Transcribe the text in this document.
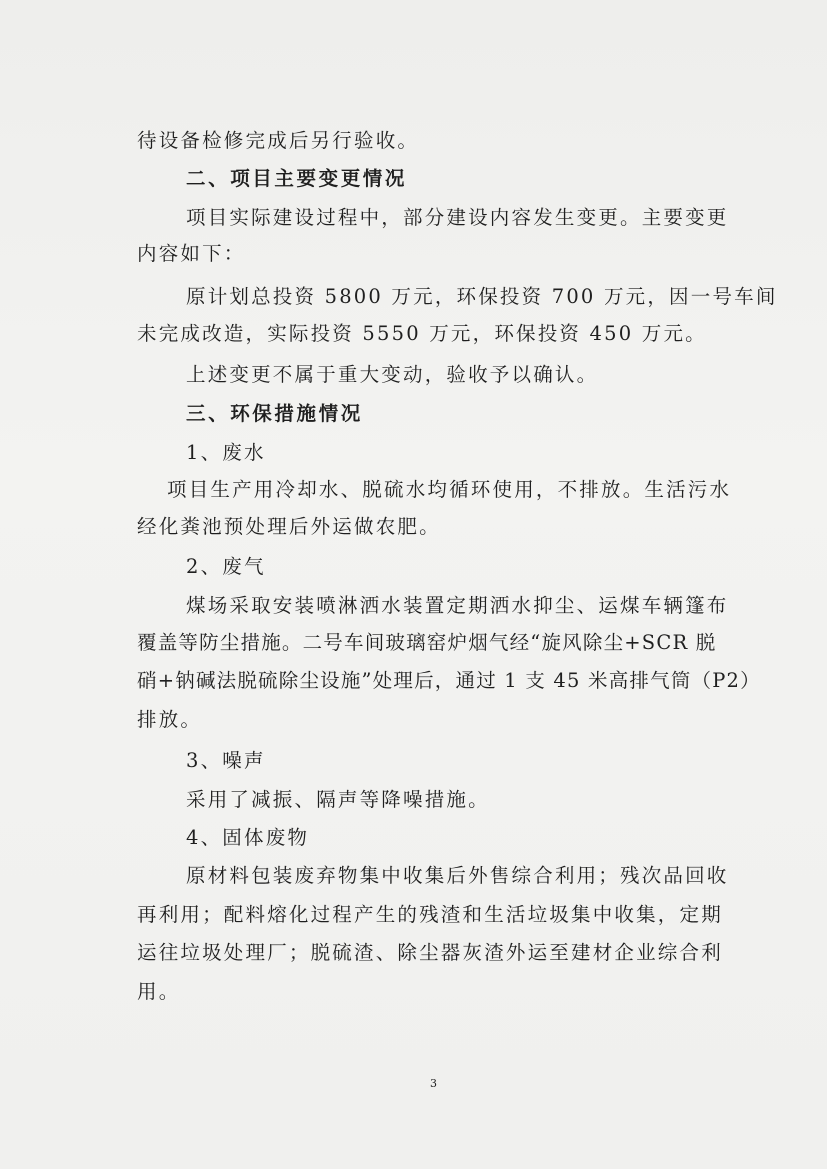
待设备检修完成后另行验收。

二、项目主要变更情况

项目实际建设过程中，部分建设内容发生变更。主要变更

内容如下：

原计划总投资 5800 万元，环保投资 700 万元，因一号车间

未完成改造，实际投资 5550 万元，环保投资 450 万元。

上述变更不属于重大变动，验收予以确认。

三、环保措施情况

1、废水

项目生产用冷却水、脱硫水均循环使用，不排放。生活污水

经化粪池预处理后外运做农肥。

2、废气

煤场采取安装喷淋洒水装置定期洒水抑尘、运煤车辆篷布

覆盖等防尘措施。二号车间玻璃窑炉烟气经“旋风除尘+SCR 脱

硝+钠碱法脱硫除尘设施”处理后，通过 1 支 45 米高排气筒（P2）

排放。

3、噪声

采用了减振、隔声等降噪措施。

4、固体废物

原材料包装废弃物集中收集后外售综合利用；残次品回收

再利用；配料熔化过程产生的残渣和生活垃圾集中收集，定期

运往垃圾处理厂；脱硫渣、除尘器灰渣外运至建材企业综合利

用。

3
